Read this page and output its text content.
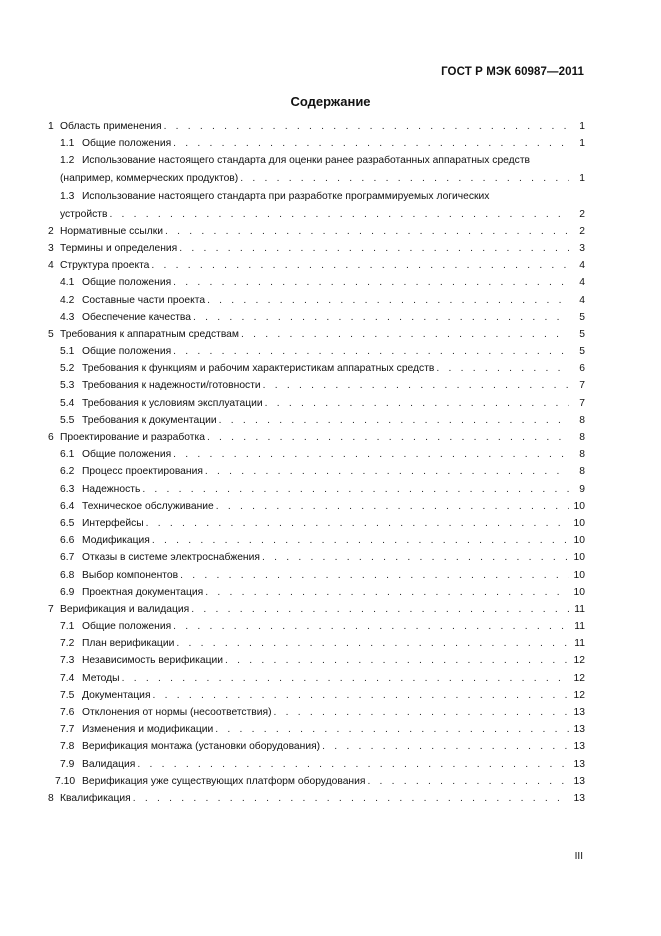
ГОСТ Р МЭК 60987—2011
Содержание
1 Область применения . . .	1
1.1 Общие положения . . .	1
1.2 Использование настоящего стандарта для оценки ранее разработанных аппаратных средств
(например, коммерческих продуктов) . . .	1
1.3 Использование настоящего стандарта при разработке программируемых логических
устройств . . .	2
2 Нормативные ссылки . . .	2
3 Термины и определения . . .	3
4 Структура проекта . . .	4
4.1 Общие положения . . .	4
4.2 Составные части проекта . . .	4
4.3 Обеспечение качества . . .	5
5 Требования к аппаратным средствам . . .	5
5.1 Общие положения . . .	5
5.2 Требования к функциям и рабочим характеристикам аппаратных средств . . .	6
5.3 Требования к надежности/готовности . . .	7
5.4 Требования к условиям эксплуатации . . .	7
5.5 Требования к документации . . .	8
6 Проектирование и разработка . . .	8
6.1 Общие положения . . .	8
6.2 Процесс проектирования . . .	8
6.3 Надежность . . .	9
6.4 Техническое обслуживание . . .	10
6.5 Интерфейсы . . .	10
6.6 Модификация . . .	10
6.7 Отказы в системе электроснабжения . . .	10
6.8 Выбор компонентов . . .	10
6.9 Проектная документация . . .	10
7 Верификация и валидация . . .	11
7.1 Общие положения . . .	11
7.2 План верификации . . .	11
7.3 Независимость верификации . . .	12
7.4 Методы . . .	12
7.5 Документация . . .	12
7.6 Отклонения от нормы (несоответствия) . . .	13
7.7 Изменения и модификации . . .	13
7.8 Верификация монтажа (установки оборудования) . . .	13
7.9 Валидация . . .	13
7.10 Верификация уже существующих платформ оборудования . . .	13
8 Квалификация . . .	13
III
